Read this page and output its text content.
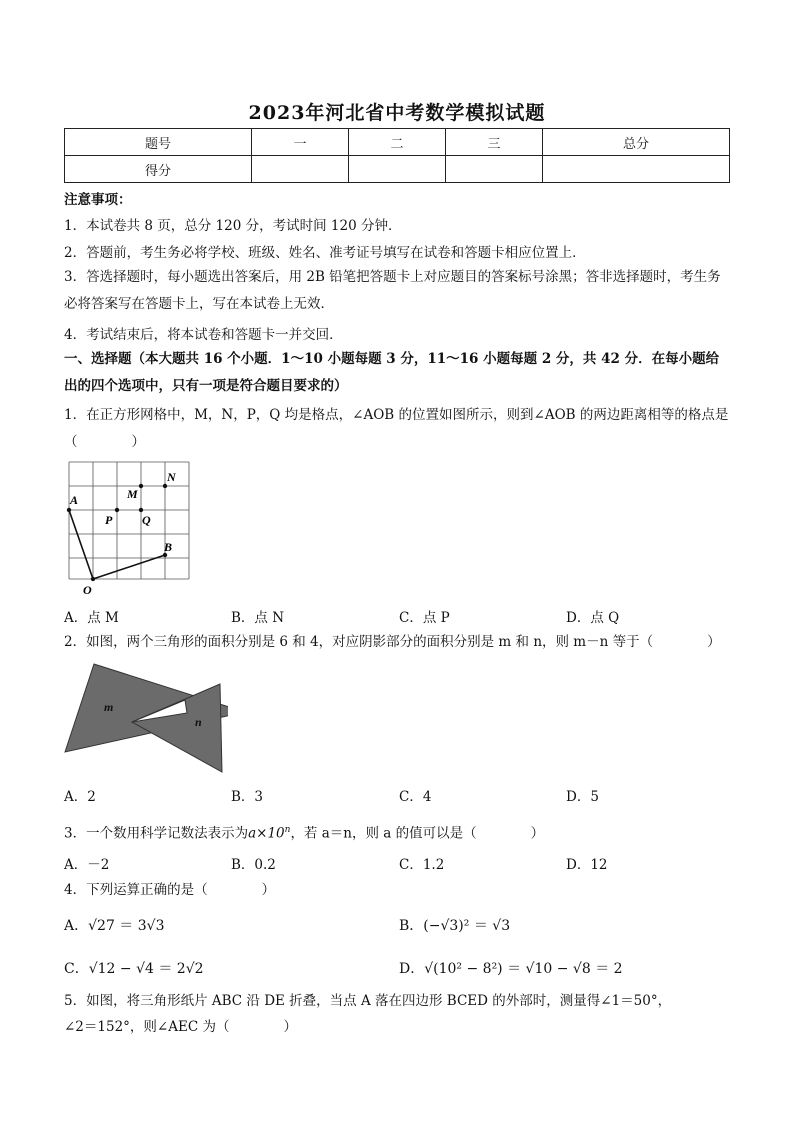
2023年河北省中考数学模拟试题
题号	一	二	三	总分
得分				
注意事项：
1．本试卷共 8 页，总分 120 分，考试时间 120 分钟．
2．答题前，考生务必将学校、班级、姓名、准考证号填写在试卷和答题卡相应位置上．
3．答选择题时，每小题选出答案后，用 2B 铅笔把答题卡上对应题目的答案标号涂黑；答非选择题时，考生务必将答案写在答题卡上，写在本试卷上无效．
4．考试结束后，将本试卷和答题卡一并交回．
一、选择题（本大题共 16 个小题．1～10 小题每题 3 分，11～16 小题每题 2 分，共 42 分．在每小题给出的四个选项中，只有一项是符合题目要求的）
1．在正方形网格中，M，N，P，Q 均是格点，∠AOB 的位置如图所示，则到∠AOB 的两边距离相等的格点是（　　　　）
A
B
O
M
N
P Q
A．点 M	B．点 N	C．点 P	D．点 Q
2．如图，两个三角形的面积分别是 6 和 4，对应阴影部分的面积分别是 m 和 n，则 m－n 等于（　　　　）
m
n
A．2	B．3	C．4	D．5
3．一个数用科学记数法表示为$a\times 10^n$，若 a＝n，则 a 的值可以是（　　　　）
A．－2	B．0.2	C．1.2	D．12
4．下列运算正确的是（　　　　）
A．√27 ＝ 3√3	B．(−√3)² ＝ √3
C．√12 − √4 ＝ 2√2	D．√(10² − 8²) ＝ √10 − √8 ＝ 2
5．如图，将三角形纸片 ABC 沿 DE 折叠，当点 A 落在四边形 BCED 的外部时，测量得∠1＝50°，
∠2＝152°，则∠AEC 为（　　　　）
